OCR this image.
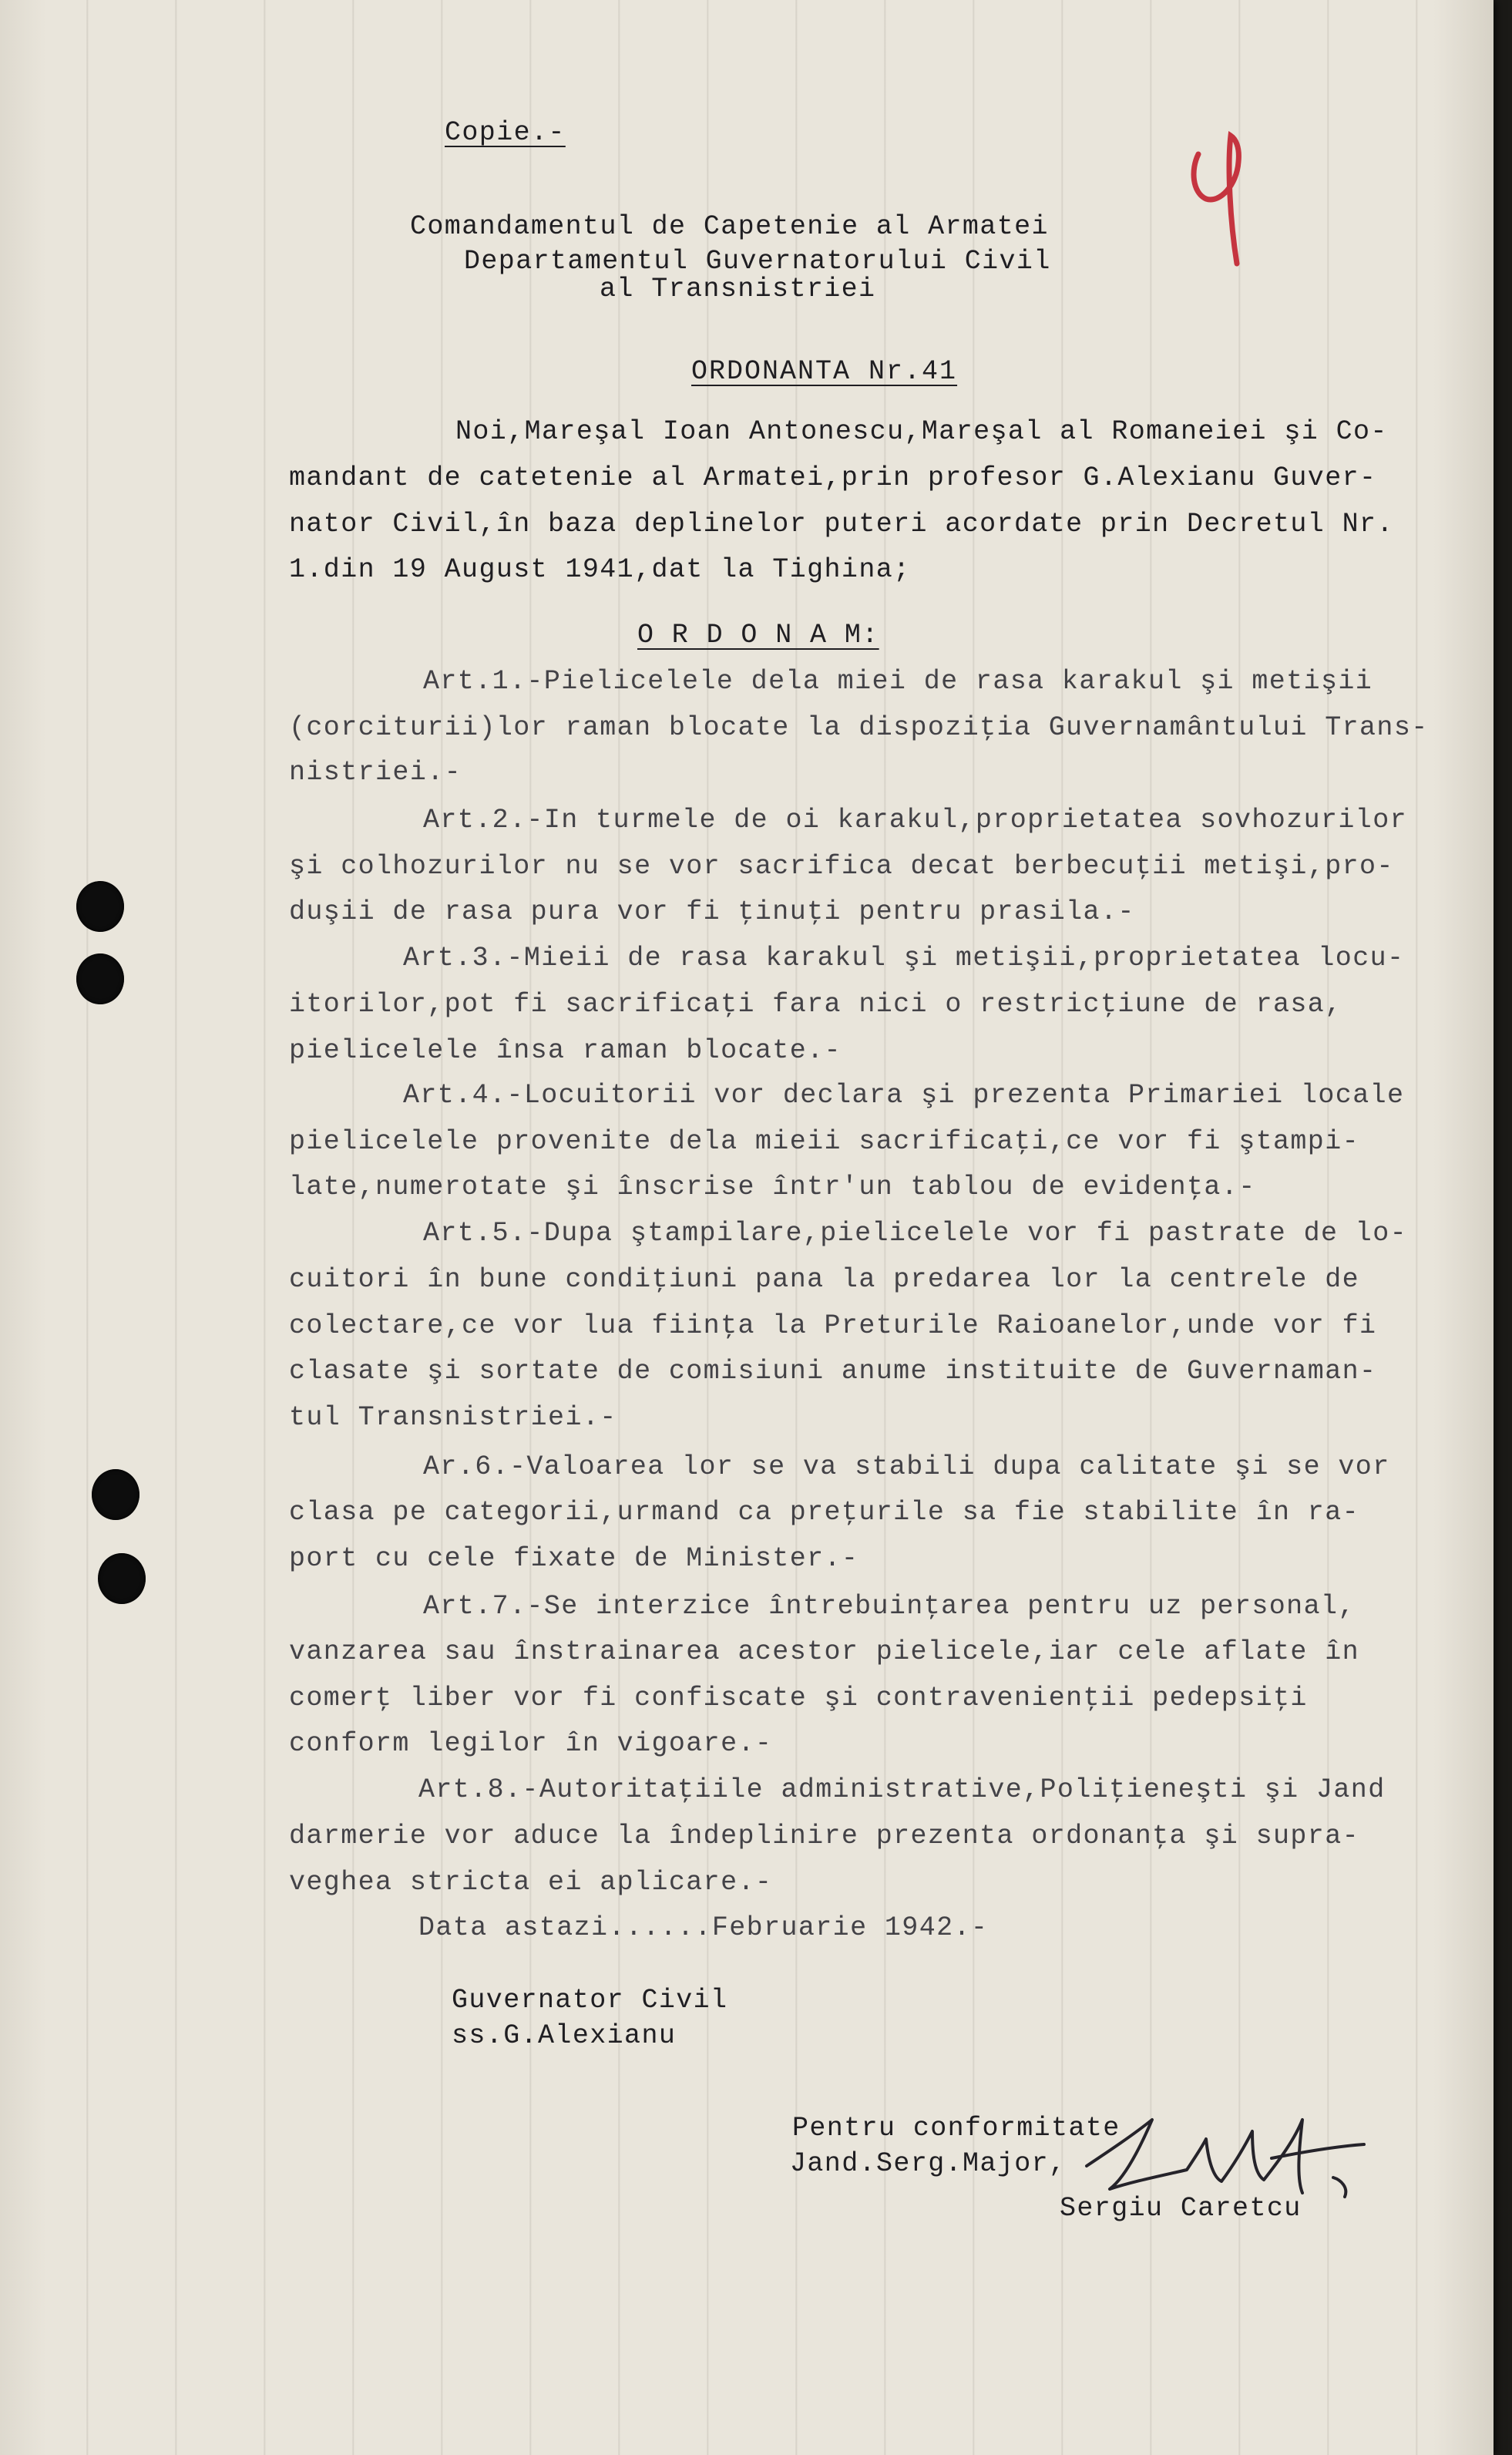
Copie.-	9
Comandamentul de Capetenie al Armatei
Departamentul Guvernatorului Civil
al Transnistriei
ORDONANTA Nr.41
Noi,Mareşal Ioan Antonescu,Mareşal al Romaneiei şi Co-
mandant de catetenie al Armatei,prin profesor G.Alexianu Guver-
nator Civil,în baza deplinelor puteri acordate prin Decretul Nr.
1.din 19 August 1941,dat la Tighina;
O R D O N A M:
Art.1.-Pielicelele dela miei de rasa karakul şi metişii
(corciturii)lor raman blocate la dispoziţia Guvernamântului Trans-
nistriei.-
Art.2.-In turmele de oi karakul,proprietatea sovhozurilor
şi colhozurilor nu se vor sacrifica decat berbecuţii metişi,pro-
duşii de rasa pura vor fi ţinuţi pentru prasila.-
Art.3.-Mieii de rasa karakul şi metişii,proprietatea locu-
itorilor,pot fi sacrificaţi fara nici o restricţiune de rasa,
pielicelele însa raman blocate.-
Art.4.-Locuitorii vor declara şi prezenta Primariei locale
pielicelele provenite dela mieii sacrificaţi,ce vor fi ştampi-
late,numerotate şi înscrise într'un tablou de evidenţa.-
Art.5.-Dupa ştampilare,pielicelele vor fi pastrate de lo-
cuitori în bune condiţiuni pana la predarea lor la centrele de
colectare,ce vor lua fiinţa la Preturile Raioanelor,unde vor fi
clasate şi sortate de comisiuni anume instituite de Guvernaman-
tul Transnistriei.-
Ar.6.-Valoarea lor se va stabili dupa calitate şi se vor
clasa pe categorii,urmand ca preţurile sa fie stabilite în ra-
port cu cele fixate de Minister.-
Art.7.-Se interzice întrebuinţarea pentru uz personal,
vanzarea sau înstrainarea acestor pielicele,iar cele aflate în
comerţ liber vor fi confiscate şi contravenienţii pedepsiţi
conform legilor în vigoare.-
Art.8.-Autoritaţiile administrative,Poliţieneşti şi Jand
darmerie vor aduce la îndeplinire prezenta ordonanţa şi supra-
veghea stricta ei aplicare.-
Data astazi......Februarie 1942.-
Guvernator Civil
ss.G.Alexianu
Pentru conformitate
Jand.Serg.Major,
Sergiu Caretcu
